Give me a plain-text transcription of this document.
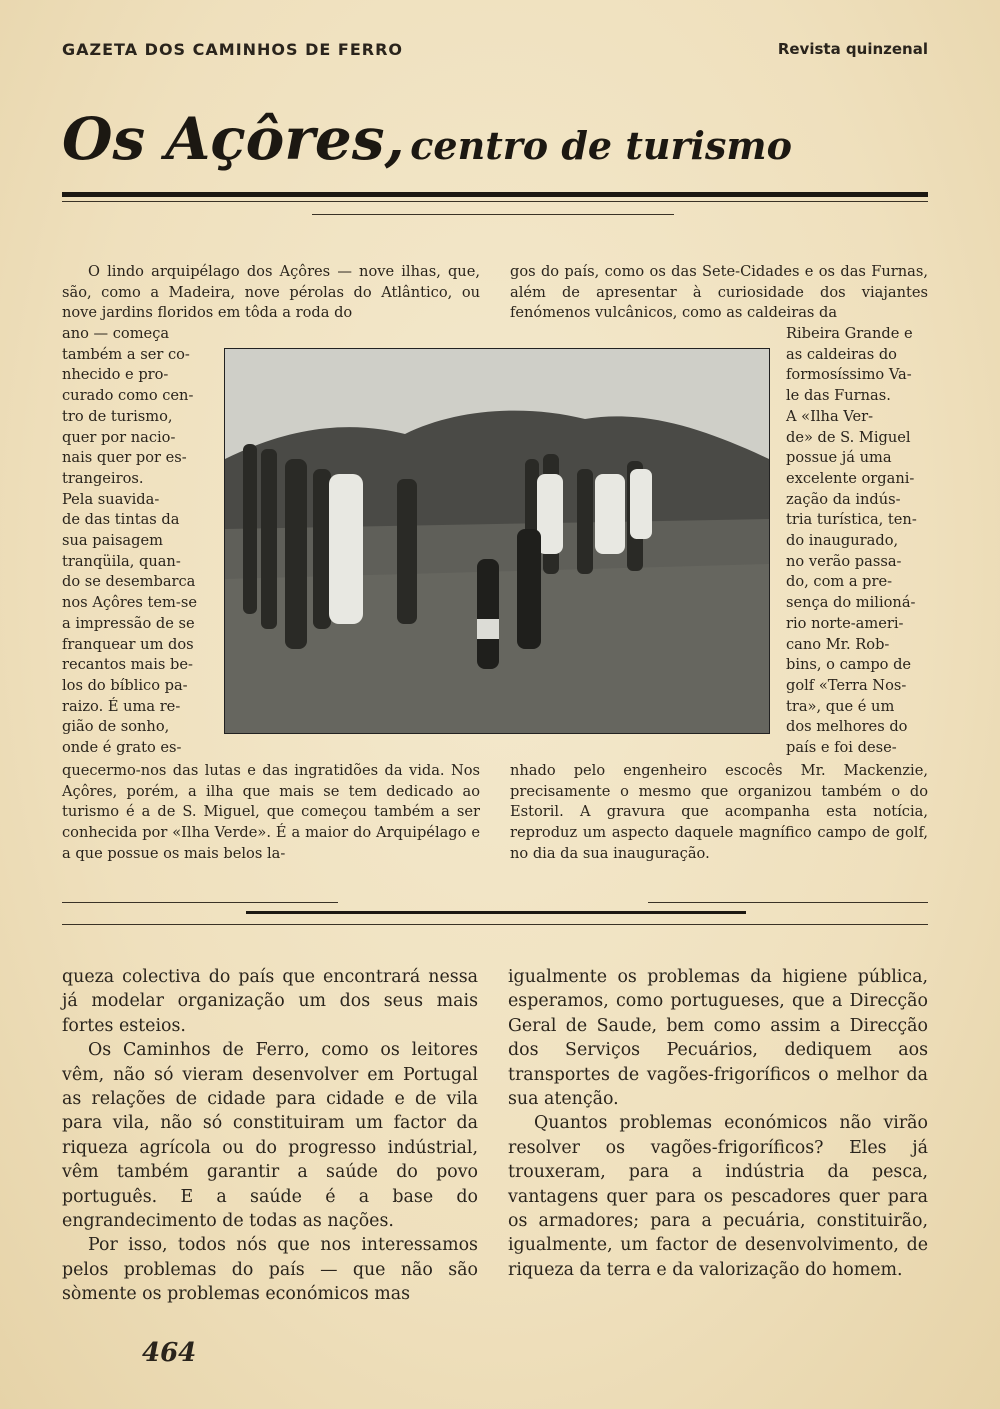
GAZETA DOS CAMINHOS DE FERRO	Revista quinzenal
Os Açôres, centro de turismo
O lindo arquipélago dos Açôres — nove ilhas, que, são, como a Madeira, nove pérolas do Atlântico, ou nove jardins floridos em tôda a roda do
ano — começa
também a ser co-
nhecido e pro-
curado como cen-
tro de turismo,
quer por nacio-
nais quer por es-
trangeiros.
Pela suavida-
de das tintas da
sua paisagem
tranqüila, quan-
do se desembarca
nos Açôres tem-se
a impressão de se
franquear um dos
recantos mais be-
los do bíblico pa-
raizo. É uma re-
gião de sonho,
onde é grato es-
quecermo-nos das lutas e das ingratidões da vida. Nos Açôres, porém, a ilha que mais se tem dedicado ao turismo é a de S. Miguel, que começou também a ser conhecida por «Ilha Verde». É a maior do Arquipélago e a que possue os mais belos la-
gos do país, como os das Sete-Cidades e os das Furnas, além de apresentar à curiosidade dos viajantes fenómenos vulcânicos, como as caldeiras da
Ribeira Grande e
as caldeiras do
formosíssimo Va-
le das Furnas.
A «Ilha Ver-
de» de S. Miguel
possue já uma
excelente organi-
zação da indús-
tria turística, ten-
do inaugurado,
no verão passa-
do, com a pre-
sença do milioná-
rio norte-ameri-
cano Mr. Rob-
bins, o campo de
golf «Terra Nos-
tra», que é um
dos melhores do
país e foi dese-
nhado pelo engenheiro escocês Mr. Mackenzie, precisamente o mesmo que organizou também o do Estoril. A gravura que acompanha esta notícia, reproduz um aspecto daquele magnífico campo de golf, no dia da sua inauguração.
queza colectiva do país que encontrará nessa já modelar organização um dos seus mais fortes esteios.
Os Caminhos de Ferro, como os leitores vêm, não só vieram desenvolver em Portugal as relações de cidade para cidade e de vila para vila, não só constituiram um factor da riqueza agrícola ou do progresso indústrial, vêm também garantir a saúde do povo português. E a saúde é a base do engrandecimento de todas as nações.
Por isso, todos nós que nos interessamos pelos problemas do país — que não são sòmente os problemas económicos mas
igualmente os problemas da higiene pública, esperamos, como portugueses, que a Direcção Geral de Saude, bem como assim a Direcção dos Serviços Pecuários, dediquem aos transportes de vagões-frigoríficos o melhor da sua atenção.
Quantos problemas económicos não virão resolver os vagões-frigoríficos? Eles já trouxeram, para a indústria da pesca, vantagens quer para os pescadores quer para os armadores; para a pecuária, constituirão, igualmente, um factor de desenvolvimento, de riqueza da terra e da valorização do homem.
464
